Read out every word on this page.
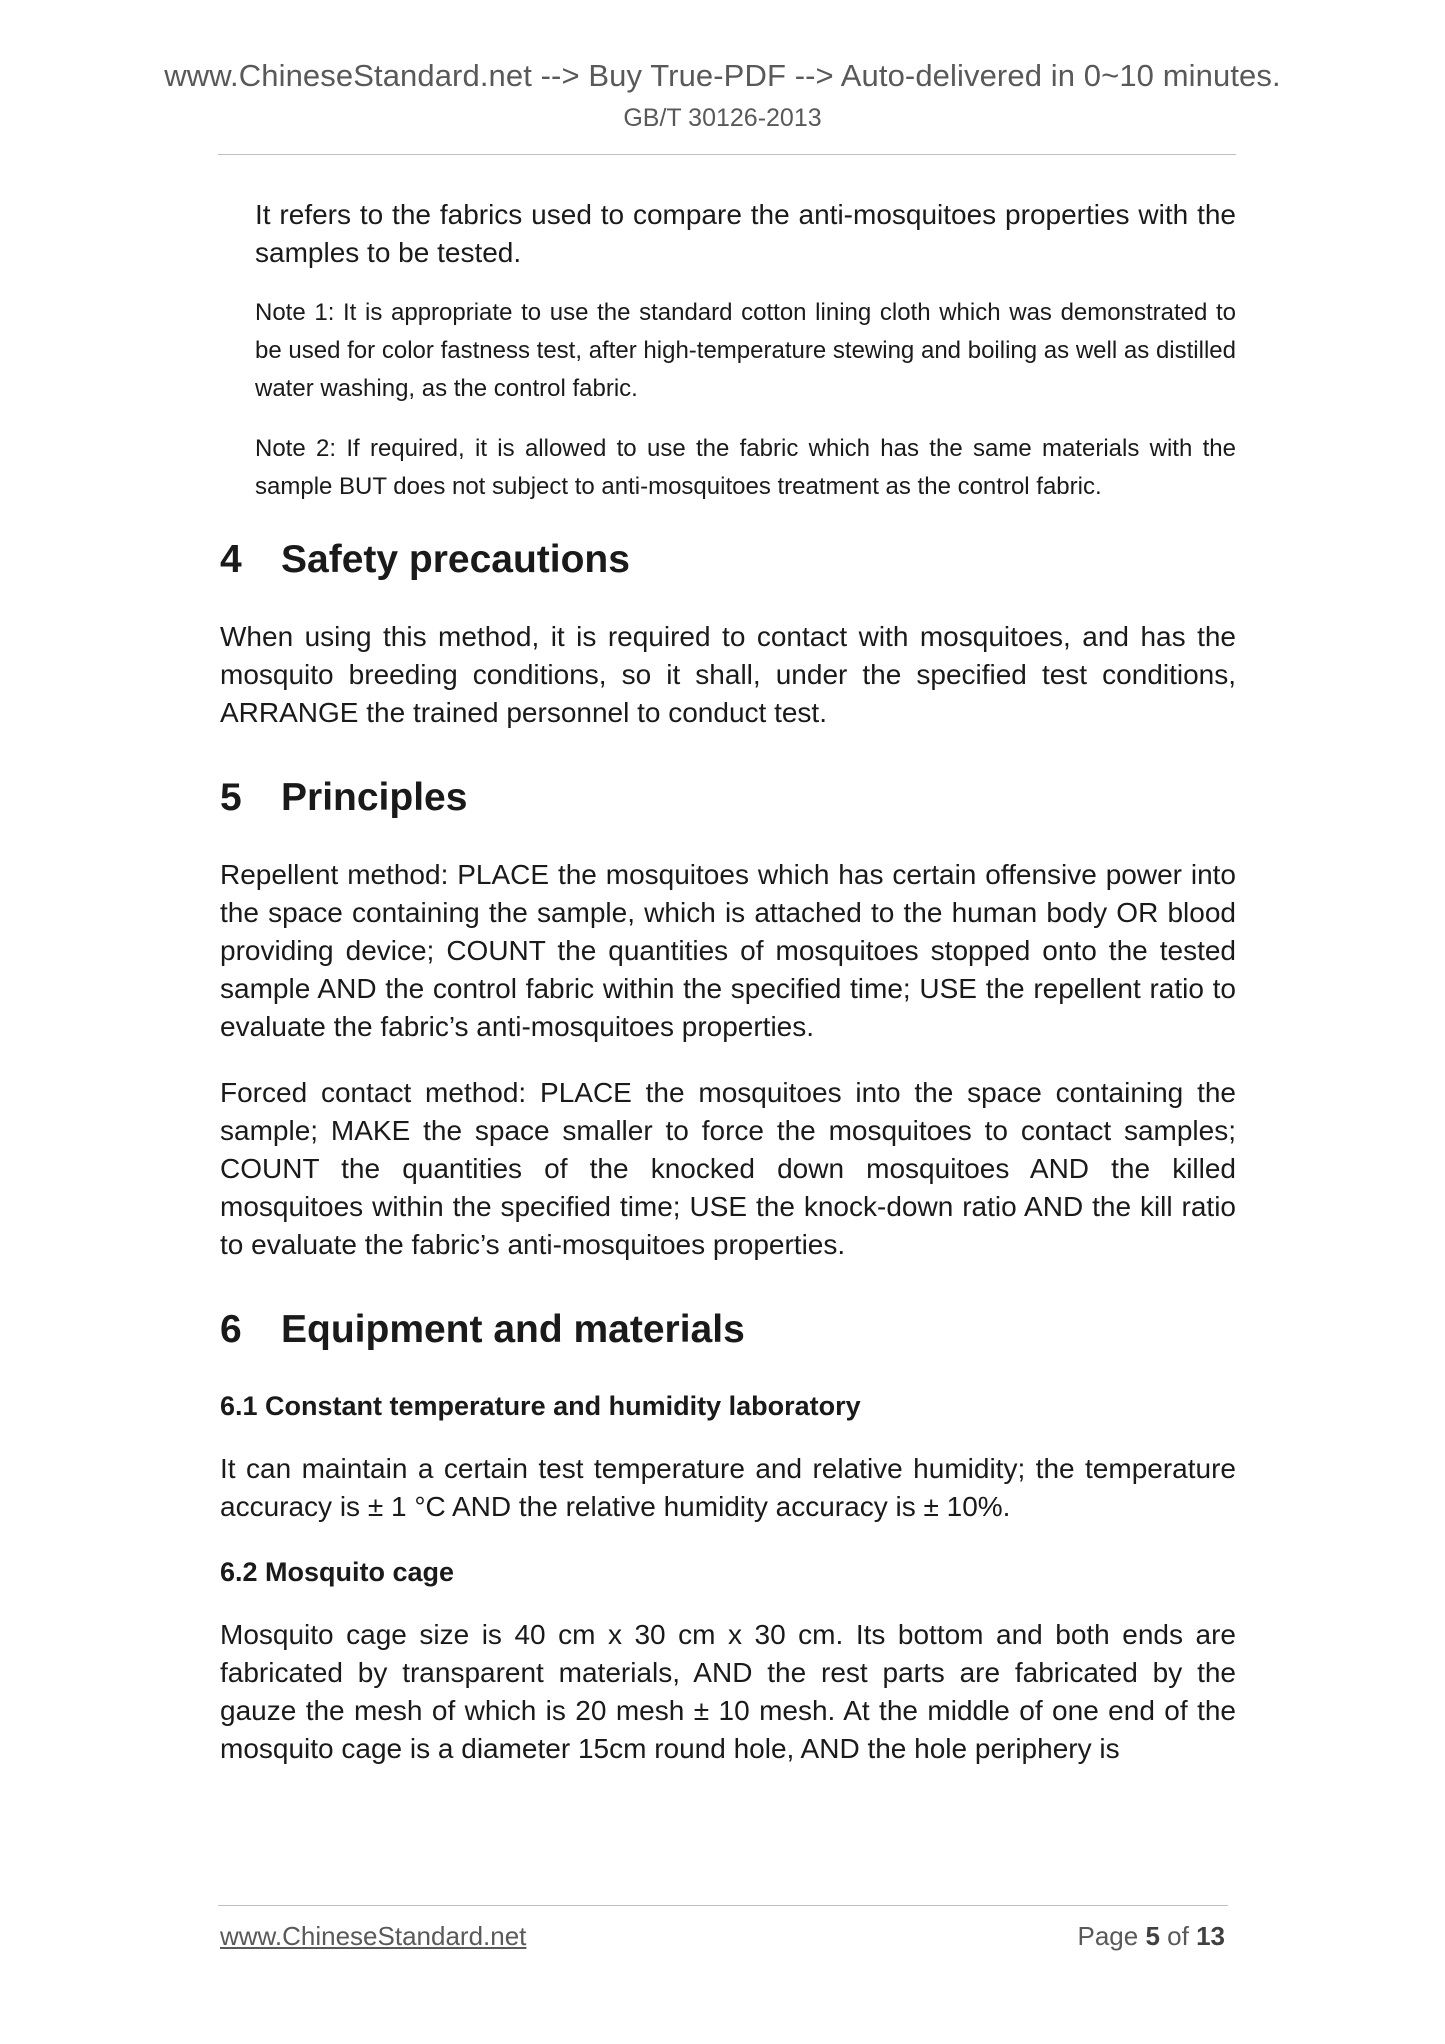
www.ChineseStandard.net --> Buy True-PDF --> Auto-delivered in 0~10 minutes.
GB/T 30126-2013

It refers to the fabrics used to compare the anti-mosquitoes properties with the samples to be tested.

Note 1: It is appropriate to use the standard cotton lining cloth which was demonstrated to be used for color fastness test, after high-temperature stewing and boiling as well as distilled water washing, as the control fabric.

Note 2: If required, it is allowed to use the fabric which has the same materials with the sample BUT does not subject to anti-mosquitoes treatment as the control fabric.

4 Safety precautions

When using this method, it is required to contact with mosquitoes, and has the mosquito breeding conditions, so it shall, under the specified test conditions, ARRANGE the trained personnel to conduct test.

5 Principles

Repellent method: PLACE the mosquitoes which has certain offensive power into the space containing the sample, which is attached to the human body OR blood providing device; COUNT the quantities of mosquitoes stopped onto the tested sample AND the control fabric within the specified time; USE the repellent ratio to evaluate the fabric’s anti-mosquitoes properties.

Forced contact method: PLACE the mosquitoes into the space containing the sample; MAKE the space smaller to force the mosquitoes to contact samples; COUNT the quantities of the knocked down mosquitoes AND the killed mosquitoes within the specified time; USE the knock-down ratio AND the kill ratio to evaluate the fabric’s anti-mosquitoes properties.

6 Equipment and materials
6.1 Constant temperature and humidity laboratory

It can maintain a certain test temperature and relative humidity; the temperature accuracy is ± 1 °C AND the relative humidity accuracy is ± 10%.

6.2 Mosquito cage

Mosquito cage size is 40 cm x 30 cm x 30 cm. Its bottom and both ends are fabricated by transparent materials, AND the rest parts are fabricated by the gauze the mesh of which is 20 mesh ± 10 mesh. At the middle of one end of the mosquito cage is a diameter 15cm round hole, AND the hole periphery is

www.ChineseStandard.net	Page 5 of 13
